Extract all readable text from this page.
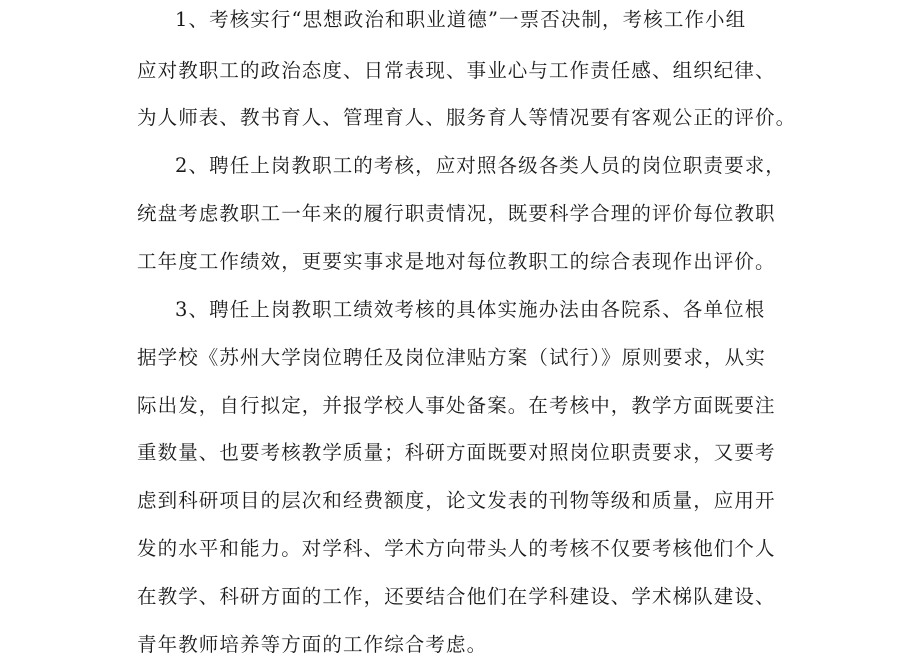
1、考核实行“思想政治和职业道德”一票否决制，考核工作小组
应对教职工的政治态度、日常表现、事业心与工作责任感、组织纪律、
为人师表、教书育人、管理育人、服务育人等情况要有客观公正的评价。
2、聘任上岗教职工的考核，应对照各级各类人员的岗位职责要求，
统盘考虑教职工一年来的履行职责情况，既要科学合理的评价每位教职
工年度工作绩效，更要实事求是地对每位教职工的综合表现作出评价。
3、聘任上岗教职工绩效考核的具体实施办法由各院系、各单位根
据学校《苏州大学岗位聘任及岗位津贴方案（试行）》原则要求，从实
际出发，自行拟定，并报学校人事处备案。在考核中，教学方面既要注
重数量、也要考核教学质量；科研方面既要对照岗位职责要求，又要考
虑到科研项目的层次和经费额度，论文发表的刊物等级和质量，应用开
发的水平和能力。对学科、学术方向带头人的考核不仅要考核他们个人
在教学、科研方面的工作，还要结合他们在学科建设、学术梯队建设、
青年教师培养等方面的工作综合考虑。
